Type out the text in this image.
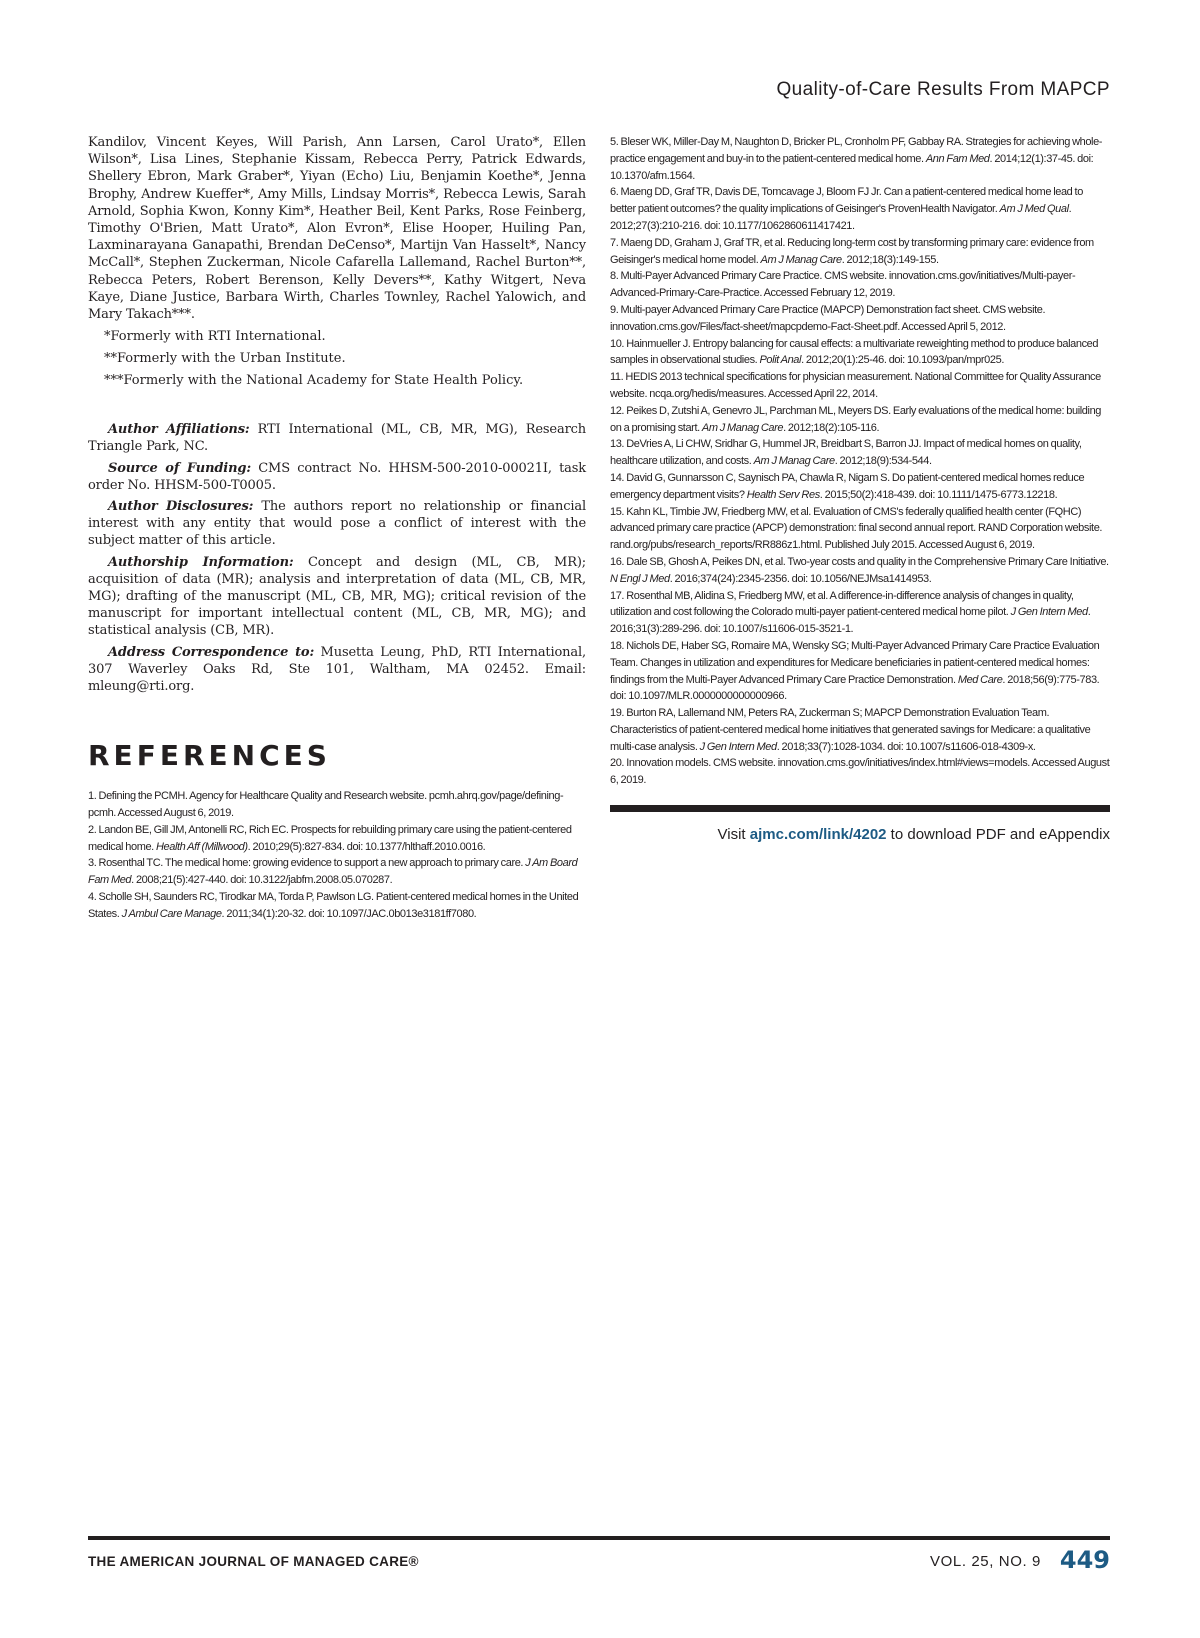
Quality-of-Care Results From MAPCP

Kandilov, Vincent Keyes, Will Parish, Ann Larsen, Carol Urato*, Ellen Wilson*, Lisa Lines, Stephanie Kissam, Rebecca Perry, Patrick Edwards, Shellery Ebron, Mark Graber*, Yiyan (Echo) Liu, Benjamin Koethe*, Jenna Brophy, Andrew Kueffer*, Amy Mills, Lindsay Morris*, Rebecca Lewis, Sarah Arnold, Sophia Kwon, Konny Kim*, Heather Beil, Kent Parks, Rose Feinberg, Timothy O'Brien, Matt Urato*, Alon Evron*, Elise Hooper, Huiling Pan, Laxminarayana Ganapathi, Brendan DeCenso*, Martijn Van Hasselt*, Nancy McCall*, Stephen Zuckerman, Nicole Cafarella Lallemand, Rachel Burton**, Rebecca Peters, Robert Berenson, Kelly Devers**, Kathy Witgert, Neva Kaye, Diane Justice, Barbara Wirth, Charles Townley, Rachel Yalowich, and Mary Takach***.

*Formerly with RTI International.
**Formerly with the Urban Institute.
***Formerly with the National Academy for State Health Policy.

Author Affiliations: RTI International (ML, CB, MR, MG), Research Triangle Park, NC.

Source of Funding: CMS contract No. HHSM-500-2010-00021I, task order No. HHSM-500-T0005.

Author Disclosures: The authors report no relationship or financial interest with any entity that would pose a conflict of interest with the subject matter of this article.

Authorship Information: Concept and design (ML, CB, MR); acquisition of data (MR); analysis and interpretation of data (ML, CB, MR, MG); drafting of the manuscript (ML, CB, MR, MG); critical revision of the manuscript for important intellectual content (ML, CB, MR, MG); and statistical analysis (CB, MR).

Address Correspondence to: Musetta Leung, PhD, RTI International, 307 Waverley Oaks Rd, Ste 101, Waltham, MA 02452. Email: mleung@rti.org.

REFERENCES
1. Defining the PCMH. Agency for Healthcare Quality and Research website. pcmh.ahrq.gov/page/defining-pcmh. Accessed August 6, 2019.
2. Landon BE, Gill JM, Antonelli RC, Rich EC. Prospects for rebuilding primary care using the patient-centered medical home. Health Aff (Millwood). 2010;29(5):827-834. doi: 10.1377/hlthaff.2010.0016.
3. Rosenthal TC. The medical home: growing evidence to support a new approach to primary care. J Am Board Fam Med. 2008;21(5):427-440. doi: 10.3122/jabfm.2008.05.070287.
4. Scholle SH, Saunders RC, Tirodkar MA, Torda P, Pawlson LG. Patient-centered medical homes in the United States. J Ambul Care Manage. 2011;34(1):20-32. doi: 10.1097/JAC.0b013e3181ff7080.
5. Bleser WK, Miller-Day M, Naughton D, Bricker PL, Cronholm PF, Gabbay RA. Strategies for achieving whole-practice engagement and buy-in to the patient-centered medical home. Ann Fam Med. 2014;12(1):37-45. doi: 10.1370/afm.1564.
6. Maeng DD, Graf TR, Davis DE, Tomcavage J, Bloom FJ Jr. Can a patient-centered medical home lead to better patient outcomes? the quality implications of Geisinger's ProvenHealth Navigator. Am J Med Qual. 2012;27(3):210-216. doi: 10.1177/1062860611417421.
7. Maeng DD, Graham J, Graf TR, et al. Reducing long-term cost by transforming primary care: evidence from Geisinger's medical home model. Am J Manag Care. 2012;18(3):149-155.
8. Multi-Payer Advanced Primary Care Practice. CMS website. innovation.cms.gov/initiatives/Multi-payer-Advanced-Primary-Care-Practice. Accessed February 12, 2019.
9. Multi-payer Advanced Primary Care Practice (MAPCP) Demonstration fact sheet. CMS website. innovation.cms.gov/Files/fact-sheet/mapcpdemo-Fact-Sheet.pdf. Accessed April 5, 2012.
10. Hainmueller J. Entropy balancing for causal effects: a multivariate reweighting method to produce balanced samples in observational studies. Polit Anal. 2012;20(1):25-46. doi: 10.1093/pan/mpr025.
11. HEDIS 2013 technical specifications for physician measurement. National Committee for Quality Assurance website. ncqa.org/hedis/measures. Accessed April 22, 2014.
12. Peikes D, Zutshi A, Genevro JL, Parchman ML, Meyers DS. Early evaluations of the medical home: building on a promising start. Am J Manag Care. 2012;18(2):105-116.
13. DeVries A, Li CHW, Sridhar G, Hummel JR, Breidbart S, Barron JJ. Impact of medical homes on quality, healthcare utilization, and costs. Am J Manag Care. 2012;18(9):534-544.
14. David G, Gunnarsson C, Saynisch PA, Chawla R, Nigam S. Do patient-centered medical homes reduce emergency department visits? Health Serv Res. 2015;50(2):418-439. doi: 10.1111/1475-6773.12218.
15. Kahn KL, Timbie JW, Friedberg MW, et al. Evaluation of CMS's federally qualified health center (FQHC) advanced primary care practice (APCP) demonstration: final second annual report. RAND Corporation website. rand.org/pubs/research_reports/RR886z1.html. Published July 2015. Accessed August 6, 2019.
16. Dale SB, Ghosh A, Peikes DN, et al. Two-year costs and quality in the Comprehensive Primary Care Initiative. N Engl J Med. 2016;374(24):2345-2356. doi: 10.1056/NEJMsa1414953.
17. Rosenthal MB, Alidina S, Friedberg MW, et al. A difference-in-difference analysis of changes in quality, utilization and cost following the Colorado multi-payer patient-centered medical home pilot. J Gen Intern Med. 2016;31(3):289-296. doi: 10.1007/s11606-015-3521-1.
18. Nichols DE, Haber SG, Romaire MA, Wensky SG; Multi-Payer Advanced Primary Care Practice Evaluation Team. Changes in utilization and expenditures for Medicare beneficiaries in patient-centered medical homes: findings from the Multi-Payer Advanced Primary Care Practice Demonstration. Med Care. 2018;56(9):775-783. doi: 10.1097/MLR.0000000000000966.
19. Burton RA, Lallemand NM, Peters RA, Zuckerman S; MAPCP Demonstration Evaluation Team. Characteristics of patient-centered medical home initiatives that generated savings for Medicare: a qualitative multi-case analysis. J Gen Intern Med. 2018;33(7):1028-1034. doi: 10.1007/s11606-018-4309-x.
20. Innovation models. CMS website. innovation.cms.gov/initiatives/index.html#views=models. Accessed August 6, 2019.
Visit ajmc.com/link/4202 to download PDF and eAppendix
THE AMERICAN JOURNAL OF MANAGED CARE®	VOL. 25, NO. 9 449
